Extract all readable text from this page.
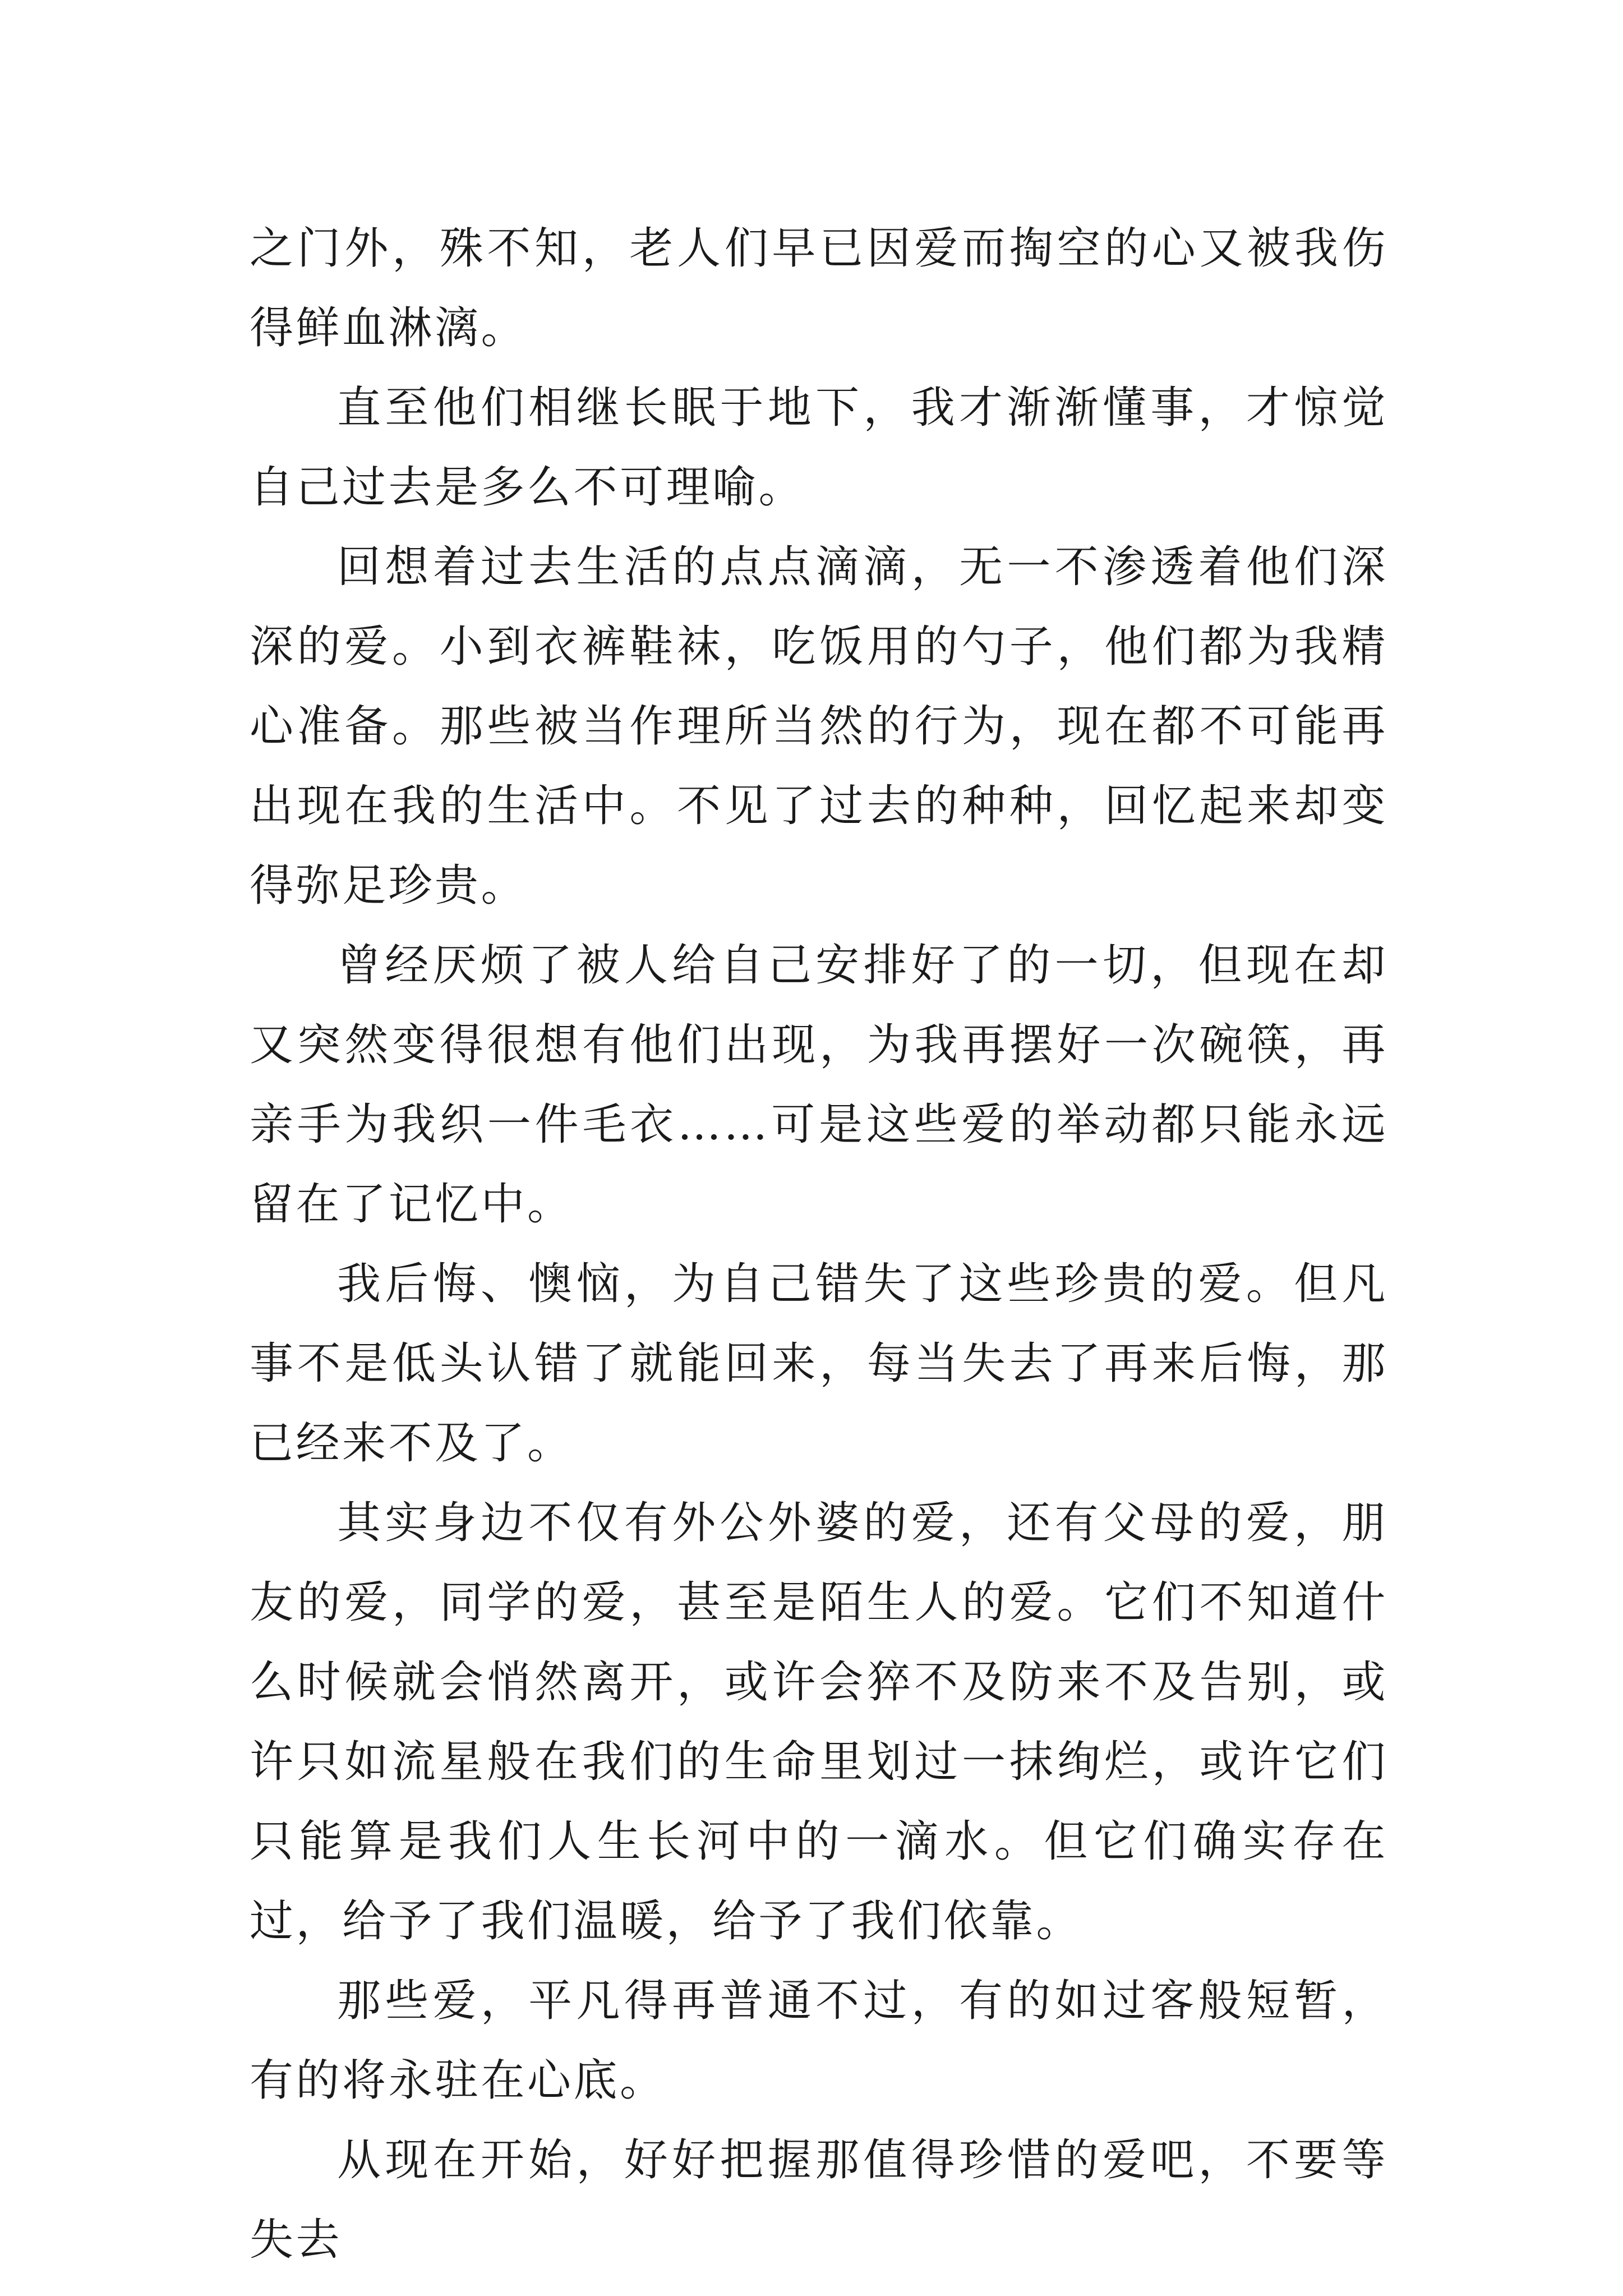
之门外，殊不知，老人们早已因爱而掏空的心又被我伤得鲜血淋漓。

直至他们相继长眠于地下，我才渐渐懂事，才惊觉自己过去是多么不可理喻。

回想着过去生活的点点滴滴，无一不渗透着他们深深的爱。小到衣裤鞋袜，吃饭用的勺子，他们都为我精心准备。那些被当作理所当然的行为，现在都不可能再出现在我的生活中。不见了过去的种种，回忆起来却变得弥足珍贵。

曾经厌烦了被人给自己安排好了的一切，但现在却又突然变得很想有他们出现，为我再摆好一次碗筷，再亲手为我织一件毛衣……可是这些爱的举动都只能永远留在了记忆中。

我后悔、懊恼，为自己错失了这些珍贵的爱。但凡事不是低头认错了就能回来，每当失去了再来后悔，那已经来不及了。

其实身边不仅有外公外婆的爱，还有父母的爱，朋友的爱，同学的爱，甚至是陌生人的爱。它们不知道什么时候就会悄然离开，或许会猝不及防来不及告别，或许只如流星般在我们的生命里划过一抹绚烂，或许它们只能算是我们人生长河中的一滴水。但它们确实存在过，给予了我们温暖，给予了我们依靠。

那些爱，平凡得再普通不过，有的如过客般短暂，有的将永驻在心底。

从现在开始，好好把握那值得珍惜的爱吧，不要等失去
